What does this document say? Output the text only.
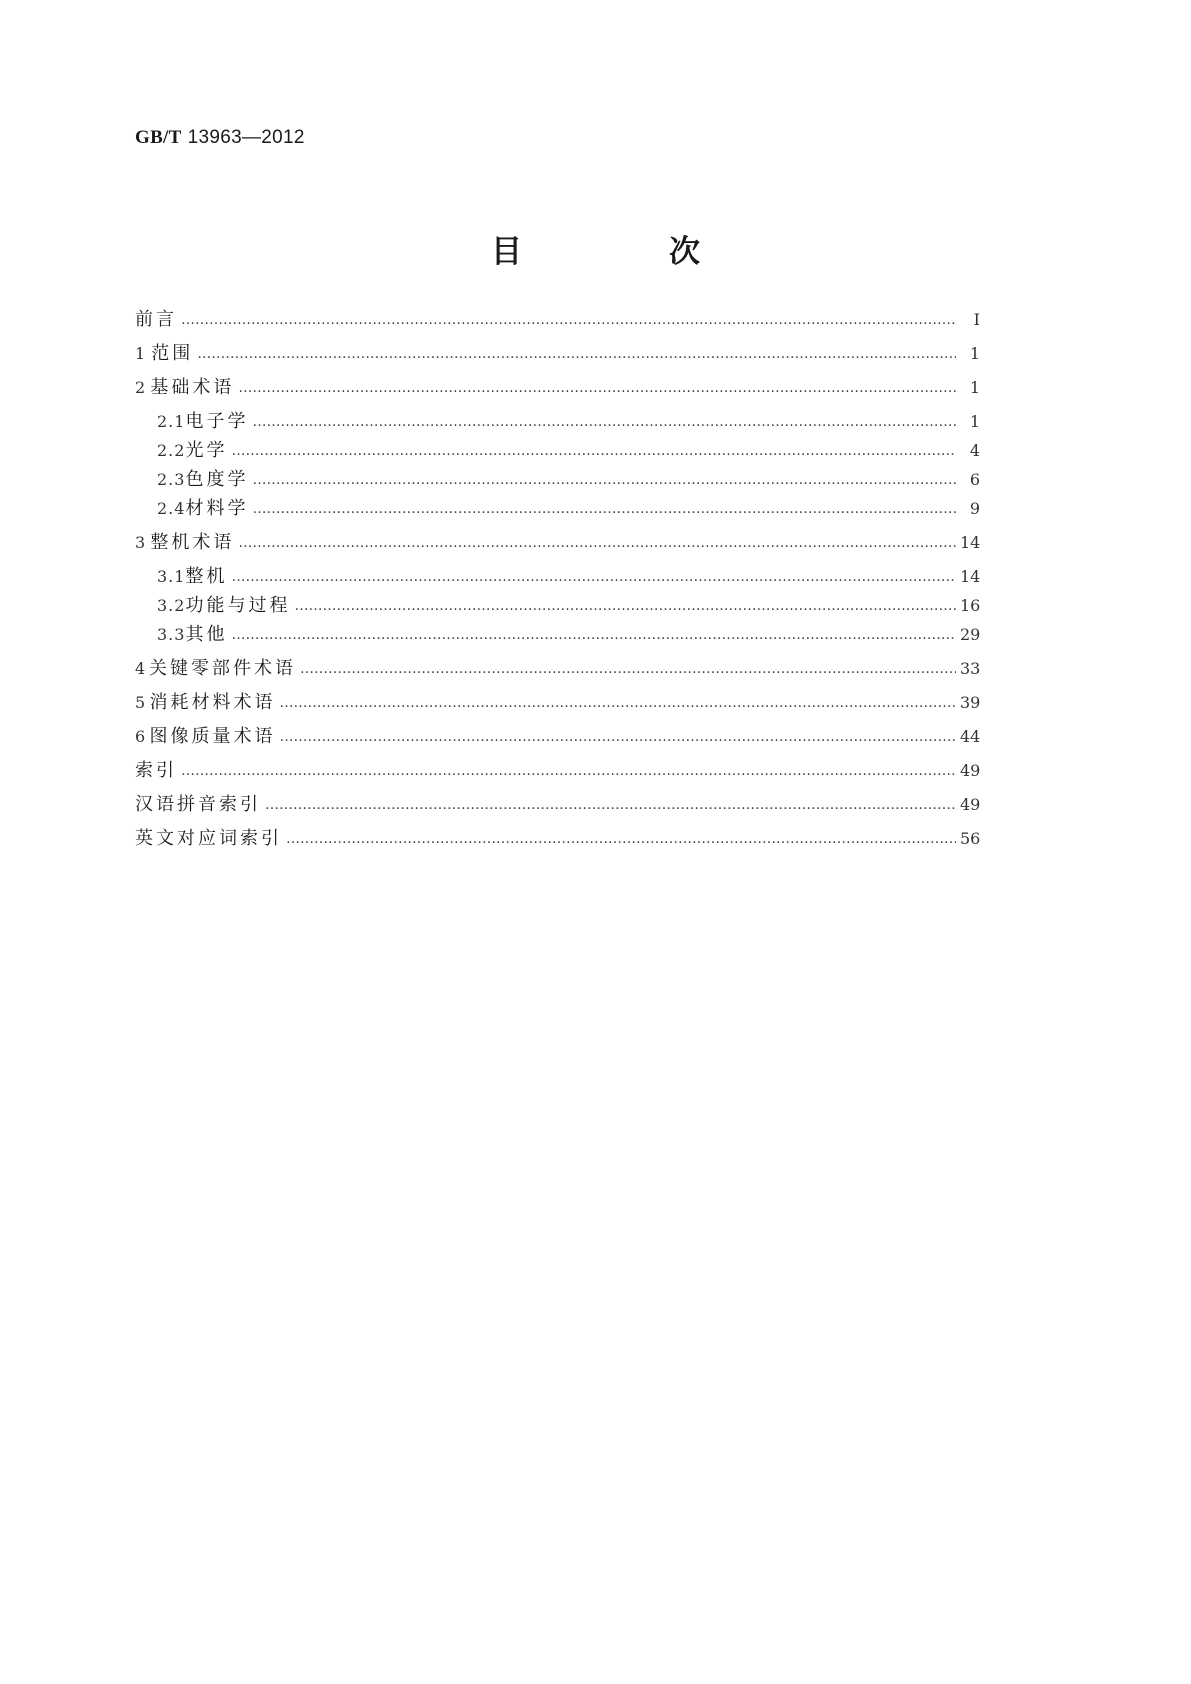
GB/T 13963—2012
目　次
前言 ……………………………………………………………………………………………………………………………………………………………………………………………………………………………………………………………………………………………	Ⅰ
1 范围 ……………………………………………………………………………………………………………………………………………………………………………………………………………………………………………………………………………………………	1
2 基础术语 ……………………………………………………………………………………………………………………………………………………………………………………………………………………………………………………………………………………………	1
2.1 电子学 ……………………………………………………………………………………………………………………………………………………………………………………………………………………………………………………………………………………………	1
2.2 光学 ……………………………………………………………………………………………………………………………………………………………………………………………………………………………………………………………………………………………	4
2.3 色度学 ……………………………………………………………………………………………………………………………………………………………………………………………………………………………………………………………………………………………	6
2.4 材料学 ……………………………………………………………………………………………………………………………………………………………………………………………………………………………………………………………………………………………	9
3 整机术语 ……………………………………………………………………………………………………………………………………………………………………………………………………………………………………………………………………………………………	14
3.1 整机 ……………………………………………………………………………………………………………………………………………………………………………………………………………………………………………………………………………………………	14
3.2 功能与过程 ……………………………………………………………………………………………………………………………………………………………………………………………………………………………………………………………………………………………	16
3.3 其他 ……………………………………………………………………………………………………………………………………………………………………………………………………………………………………………………………………………………………	29
4 关键零部件术语 ……………………………………………………………………………………………………………………………………………………………………………………………………………………………………………………………………………………………	33
5 消耗材料术语 ……………………………………………………………………………………………………………………………………………………………………………………………………………………………………………………………………………………………	39
6 图像质量术语 ……………………………………………………………………………………………………………………………………………………………………………………………………………………………………………………………………………………………	44
索引 ……………………………………………………………………………………………………………………………………………………………………………………………………………………………………………………………………………………………	49
汉语拼音索引 ……………………………………………………………………………………………………………………………………………………………………………………………………………………………………………………………………………………………	49
英文对应词索引 ……………………………………………………………………………………………………………………………………………………………………………………………………………………………………………………………………………………………	56
